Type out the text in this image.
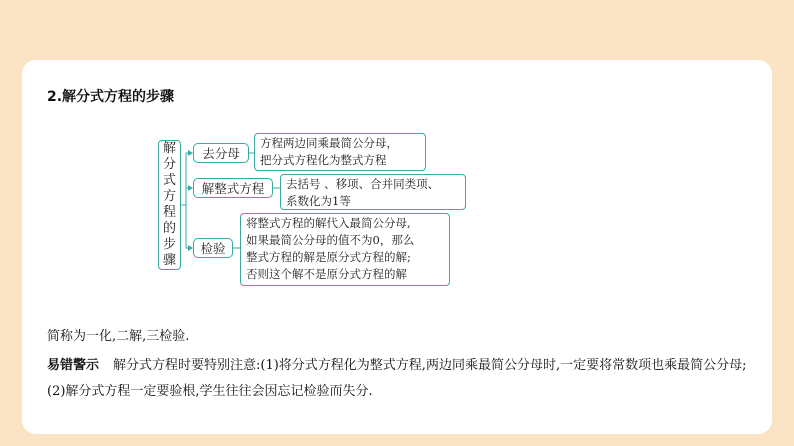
2.解分式方程的步骤
解
分
式
方
程
的
步
骤
去分母
解整式方程
检验
方程两边同乘最简公分母，
把分式方程化为整式方程
去括号 、移项、合并同类项、
系数化为1等
将整式方程的解代入最简公分母,
如果最简公分母的值不为0，那么
整式方程的解是原分式方程的解;
否则这个解不是原分式方程的解
简称为一化,二解,三检验.
易错警示 解分式方程时要特别注意:(1)将分式方程化为整式方程,两边同乘最简公分母时,一定要将常数项也乘最简公分母;(2)解分式方程一定要验根,学生往往会因忘记检验而失分.
